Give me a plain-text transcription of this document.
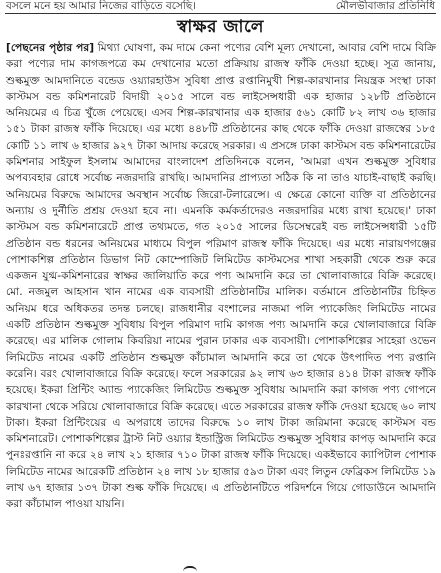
বসলে মনে হয় আমার নিজের বাড়িতে বসেছি।	মৌলভীবাজার প্রতিনিধি
স্বাক্ষর জালে

[পেছনের পৃষ্ঠার পর] মিথ্যা ঘোষণা, কম দামে কেনা পণ্যের বেশি মূল্য দেখানো, আবার বেশি দামে বিক্রি করা পণ্যের দাম কাগজপত্রে কম দেখানোর মতো প্রক্রিয়ায় রাজস্ব ফাঁকি দেওয়া হচ্ছে। সূত্র জানায়, শুল্কমুক্ত আমদানিতে বন্ডেড ওয়্যারহাউস সুবিধা প্রাপ্ত রপ্তানিমুখী শিল্প-কারখানার নিয়ন্ত্রক সংস্থা ঢাকা কাস্টমস বন্ড কমিশনারেট বিদায়ী ২০১৫ সালে বন্ড লাইসেন্সধারী এক হাজার ১২৮টি প্রতিষ্ঠানে অনিয়মের এ চিত্র খুঁজে পেয়েছে। এসব শিল্প-কারখানার এক হাজার ৫৬১ কোটি ৮২ লাখ ৩৬ হাজার ১৫১ টাকা রাজস্ব ফাঁকি দিয়েছে। এর মধ্যে ৪৪৮টি প্রতিষ্ঠানের কাছ থেকে ফাঁকি দেওয়া রাজস্বের ১৮৫ কোটি ১১ লাখ ৬ হাজার ৯২৭ টাকা আদায় করেছে সরকার। এ প্রসঙ্গে ঢাকা কাস্টমস বন্ড কমিশনারেটের কমিশনার সাইফুল ইসলাম আমাদের বাংলাদেশ প্রতিদিনকে বলেন, 'আমরা এখন শুল্কমুক্ত সুবিধার অপব্যবহার রোধে সর্বোচ্চ নজরদারি রাখছি। আমদানির প্রাপ্যতা সঠিক কি না তাও যাচাই-বাছাই করছি। অনিয়মের বিরুদ্ধে আমাদের অবস্থান সর্বোচ্চ জিরো-টলারেন্সে। এ ক্ষেত্রে কোনো ব্যক্তি বা প্রতিষ্ঠানের অন্যায় ও দুর্নীতি প্রশ্রয় দেওয়া হবে না। এমনকি কর্মকর্তাদেরও নজরদারির মধ্যে রাখা হয়েছে।' ঢাকা কাস্টমস বন্ড কমিশনারেটে প্রাপ্ত তথ্যমতে, গত ২০১৫ সালের ডিসেম্বরেই বন্ড লাইসেন্সধারী ১৫টি প্রতিষ্ঠান বন্ড ধরনের অনিয়মের মাধ্যমে বিপুল পরিমাণ রাজস্ব ফাঁকি দিয়েছে। এর মধ্যে নারায়ণগঞ্জের পোশাকশিল্প প্রতিষ্ঠান ডিভাগ নিট কোম্পোজিট লিমিটেড কাস্টমসের শাখা সহকারী থেকে শুরু করে একজন যুগ্ম-কমিশনারের স্বাক্ষর জালিয়াতি করে পণ্য আমদানি করে তা খোলাবাজারে বিক্রি করেছে। মো. নজমুল আহসান খান নামের এক ব্যবসায়ী প্রতিষ্ঠানটির মালিক। বর্তমানে প্রতিষ্ঠানটির চিহ্নিত অনিয়ম ধরে অধিকতর তদন্ত চলছে। রাজধানীর বংশালের নাজমা পলি প্যাকেজিং লিমিটেড নামের একটি প্রতিষ্ঠান শুল্কমুক্ত সুবিধায় বিপুল পরিমাণ দামি কাগজ পণ্য আমদানি করে খোলাবাজারে বিক্রি করেছে। এর মালিক গোলাম কিবরিয়া নামের পুরান ঢাকার এক ব্যবসায়ী। পোশাকশিল্পের সাহেরা ওভেন লিমিটেড নামের একটি প্রতিষ্ঠান শুল্কমুক্ত কাঁচামাল আমদানি করে তা থেকে উৎপাদিত পণ্য রপ্তানি করেনি। বরং খোলাবাজারে বিক্রি করেছে। ফলে সরকারের ৯২ লাখ ৬৩ হাজার ৪১৪ টাকা রাজস্ব ফাঁকি হয়েছে। ইকরা প্রিন্টিং অ্যান্ড প্যাকেজিং লিমিটেড শুল্কমুক্ত সুবিধায় আমদানি করা কাগজ পণ্য গোপনে কারখানা থেকে সরিয়ে খোলাবাজারে বিক্রি করেছে। এতে সরকারের রাজস্ব ফাঁকি দেওয়া হয়েছে ৬০ লাখ টাকা। ইকরা প্রিন্টিংয়ের এ অপরাধে তাদের বিরুদ্ধে ১০ লাখ টাকা জরিমানা করেছে কাস্টমস বন্ড কমিশনারেট। পোশাকশিল্পের ট্রাস্ট নিট ওয়্যার ইন্ডাস্ট্রিজ লিমিটেড শুল্কমুক্ত সুবিধার কাপড় আমদানি করে পুনঃরপ্তানি না করে ২৪ লাখ ২১ হাজার ৭১০ টাকা রাজস্ব ফাঁকি দিয়েছে। একইভাবে ক্যাপিটাল পোশাক লিমিটেড নামের আরেকটি প্রতিষ্ঠান ২৪ লাখ ১৮ হাজার ৫৯৩ টাকা এবং লিতুন ফেব্রিকস লিমিটেড ১৯ লাখ ৬৭ হাজার ১৩৭ টাকা শুল্ক ফাঁকি দিয়েছে। এ প্রতিষ্ঠানটিতে পরিদর্শনে গিয়ে গোডাউনে আমদানি করা কাঁচামাল পাওয়া যায়নি।
